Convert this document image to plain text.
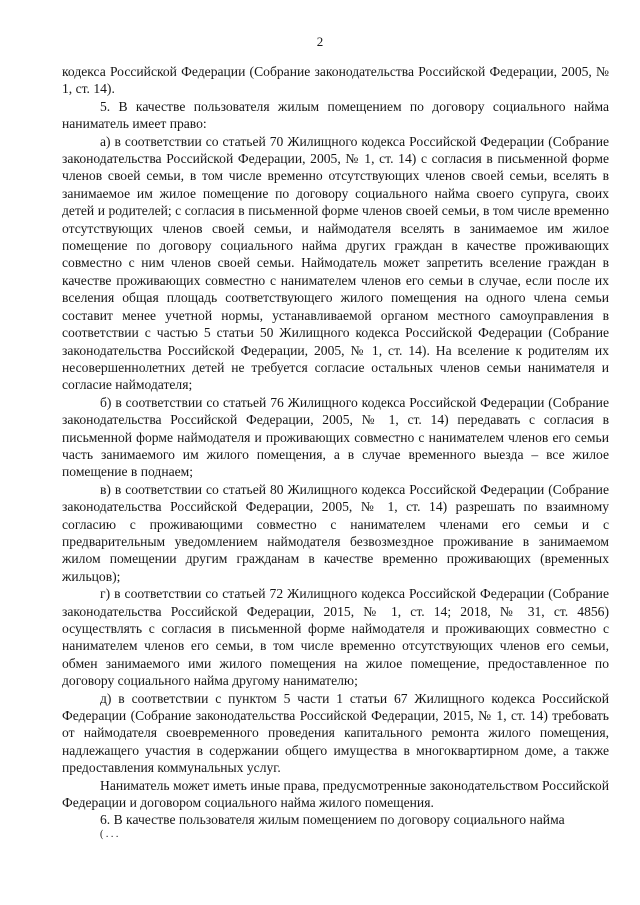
2

кодекса Российской Федерации (Собрание законодательства Российской Федерации, 2005, № 1, ст. 14).

5. В качестве пользователя жилым помещением по договору социального найма наниматель имеет право:

а) в соответствии со статьей 70 Жилищного кодекса Российской Федерации (Собрание законодательства Российской Федерации, 2005, № 1, ст. 14) с согласия в письменной форме членов своей семьи, в том числе временно отсутствующих членов своей семьи, вселять в занимаемое им жилое помещение по договору социального найма своего супруга, своих детей и родителей; с согласия в письменной форме членов своей семьи, в том числе временно отсутствующих членов своей семьи, и наймодателя вселять в занимаемое им жилое помещение по договору социального найма других граждан в качестве проживающих совместно с ним членов своей семьи. Наймодатель может запретить вселение граждан в качестве проживающих совместно с нанимателем членов его семьи в случае, если после их вселения общая площадь соответствующего жилого помещения на одного члена семьи составит менее учетной нормы, устанавливаемой органом местного самоуправления в соответствии с частью 5 статьи 50 Жилищного кодекса Российской Федерации (Собрание законодательства Российской Федерации, 2005, № 1, ст. 14). На вселение к родителям их несовершеннолетних детей не требуется согласие остальных членов семьи нанимателя и согласие наймодателя;

б) в соответствии со статьей 76 Жилищного кодекса Российской Федерации (Собрание законодательства Российской Федерации, 2005, № 1, ст. 14) передавать с согласия в письменной форме наймодателя и проживающих совместно с нанимателем членов его семьи часть занимаемого им жилого помещения, а в случае временного выезда – все жилое помещение в поднаем;

в) в соответствии со статьей 80 Жилищного кодекса Российской Федерации (Собрание законодательства Российской Федерации, 2005, № 1, ст. 14) разрешать по взаимному согласию с проживающими совместно с нанимателем членами его семьи и с предварительным уведомлением наймодателя безвозмездное проживание в занимаемом жилом помещении другим гражданам в качестве временно проживающих (временных жильцов);

г) в соответствии со статьей 72 Жилищного кодекса Российской Федерации (Собрание законодательства Российской Федерации, 2015, № 1, ст. 14; 2018, № 31, ст. 4856) осуществлять с согласия в письменной форме наймодателя и проживающих совместно с нанимателем членов его семьи, в том числе временно отсутствующих членов его семьи, обмен занимаемого ими жилого помещения на жилое помещение, предоставленное по договору социального найма другому нанимателю;

д) в соответствии с пунктом 5 части 1 статьи 67 Жилищного кодекса Российской Федерации (Собрание законодательства Российской Федерации, 2015, № 1, ст. 14) требовать от наймодателя своевременного проведения капитального ремонта жилого помещения, надлежащего участия в содержании общего имущества в многоквартирном доме, а также предоставления коммунальных услуг.

Наниматель может иметь иные права, предусмотренные законодательством Российской Федерации и договором социального найма жилого помещения.

6. В качестве пользователя жилым помещением по договору социального найма

( . . .
